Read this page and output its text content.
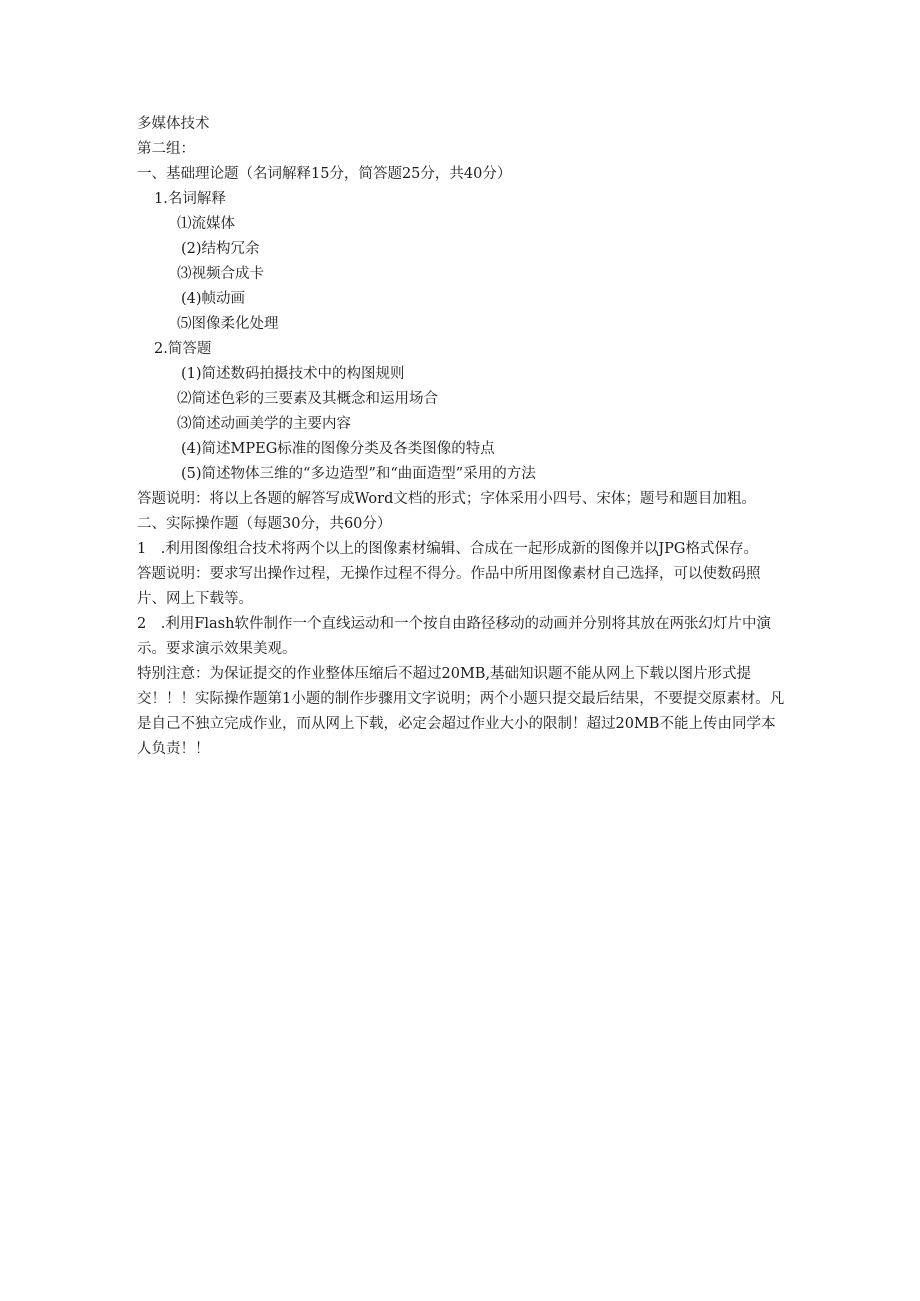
多媒体技术
第二组：
一、基础理论题（名词解释15分，简答题25分，共40分）
1.名词解释
⑴流媒体
(2)结构冗余
⑶视频合成卡
(4)帧动画
⑸图像柔化处理
2.简答题
(1)简述数码拍摄技术中的构图规则
⑵简述色彩的三要素及其概念和运用场合
⑶简述动画美学的主要内容
(4)简述MPEG标准的图像分类及各类图像的特点
(5)简述物体三维的“多边造型”和“曲面造型”采用的方法
答题说明：将以上各题的解答写成Word文档的形式；字体采用小四号、宋体；题号和题目加粗。
二、实际操作题（每题30分，共60分）
1　.利用图像组合技术将两个以上的图像素材编辑、合成在一起形成新的图像并以JPG格式保存。
答题说明：要求写出操作过程，无操作过程不得分。作品中所用图像素材自己选择，可以使数码照片、网上下载等。
2　.利用Flash软件制作一个直线运动和一个按自由路径移动的动画并分别将其放在两张幻灯片中演示。要求演示效果美观。
特别注意：为保证提交的作业整体压缩后不超过20MB,基础知识题不能从网上下载以图片形式提交！！！实际操作题第1小题的制作步骤用文字说明；两个小题只提交最后结果，不要提交原素材。凡是自己不独立完成作业，而从网上下载，必定会超过作业大小的限制！超过20MB不能上传由同学本人负责！！
